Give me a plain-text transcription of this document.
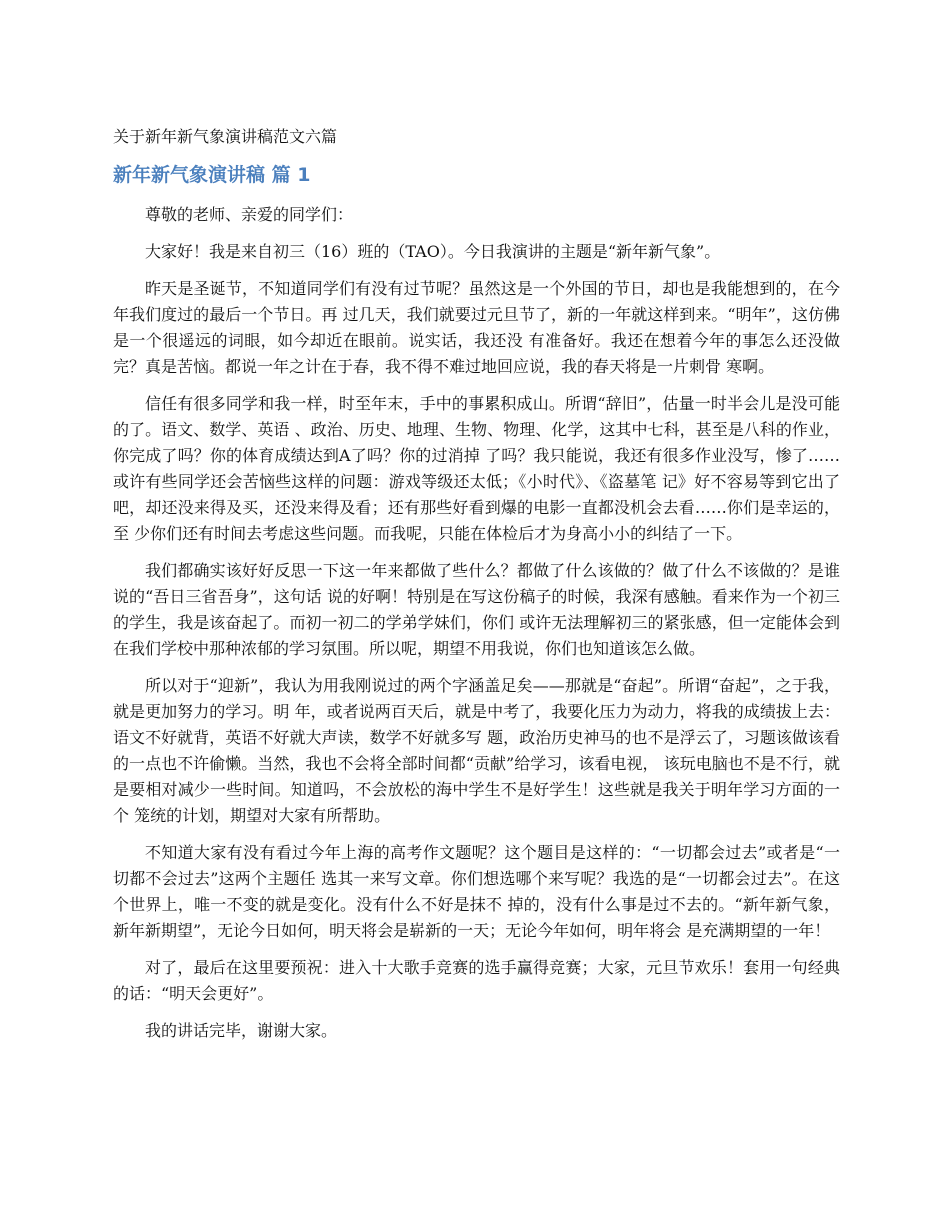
关于新年新气象演讲稿范文六篇
新年新气象演讲稿 篇 1

尊敬的老师、亲爱的同学们：

大家好！我是来自初三（16）班的（TAO）。今日我演讲的主题是“新年新气象”。

昨天是圣诞节，不知道同学们有没有过节呢？虽然这是一个外国的节日，却也是我能想到的，在今年我们度过的最后一个节日。再 过几天，我们就要过元旦节了，新的一年就这样到来。“明年”，这仿佛是一个很遥远的词眼，如今却近在眼前。说实话，我还没 有准备好。我还在想着今年的事怎么还没做完？真是苦恼。都说一年之计在于春，我不得不难过地回应说，我的春天将是一片刺骨 寒啊。

信任有很多同学和我一样，时至年末，手中的事累积成山。所谓“辞旧”，估量一时半会儿是没可能的了。语文、数学、英语 、政治、历史、地理、生物、物理、化学，这其中七科，甚至是八科的作业，你完成了吗？你的体育成绩达到A了吗？你的过消掉 了吗？我只能说，我还有很多作业没写，惨了……或许有些同学还会苦恼些这样的问题：游戏等级还太低；《小时代》、《盗墓笔 记》好不容易等到它出了吧，却还没来得及买，还没来得及看；还有那些好看到爆的电影一直都没机会去看……你们是幸运的，至 少你们还有时间去考虑这些问题。而我呢，只能在体检后才为身高小小的纠结了一下。

我们都确实该好好反思一下这一年来都做了些什么？都做了什么该做的？做了什么不该做的？是谁说的“吾日三省吾身”，这句话 说的好啊！特别是在写这份稿子的时候，我深有感触。看来作为一个初三的学生，我是该奋起了。而初一初二的学弟学妹们，你们 或许无法理解初三的紧张感，但一定能体会到在我们学校中那种浓郁的学习氛围。所以呢，期望不用我说，你们也知道该怎么做。

所以对于“迎新”，我认为用我刚说过的两个字涵盖足矣——那就是“奋起”。所谓“奋起”，之于我，就是更加努力的学习。明 年，或者说两百天后，就是中考了，我要化压力为动力，将我的成绩拔上去：语文不好就背，英语不好就大声读，数学不好就多写 题，政治历史神马的也不是浮云了，习题该做该看的一点也不许偷懒。当然，我也不会将全部时间都“贡献”给学习，该看电视， 该玩电脑也不是不行，就是要相对减少一些时间。知道吗，不会放松的海中学生不是好学生！这些就是我关于明年学习方面的一个 笼统的计划，期望对大家有所帮助。

不知道大家有没有看过今年上海的高考作文题呢？这个题目是这样的：“一切都会过去”或者是“一切都不会过去”这两个主题任 选其一来写文章。你们想选哪个来写呢？我选的是“一切都会过去”。在这个世界上，唯一不变的就是变化。没有什么不好是抹不 掉的，没有什么事是过不去的。“新年新气象，新年新期望”，无论今日如何，明天将会是崭新的一天；无论今年如何，明年将会 是充满期望的一年！

对了，最后在这里要预祝：进入十大歌手竞赛的选手赢得竞赛；大家，元旦节欢乐！套用一句经典的话：“明天会更好”。

我的讲话完毕，谢谢大家。
